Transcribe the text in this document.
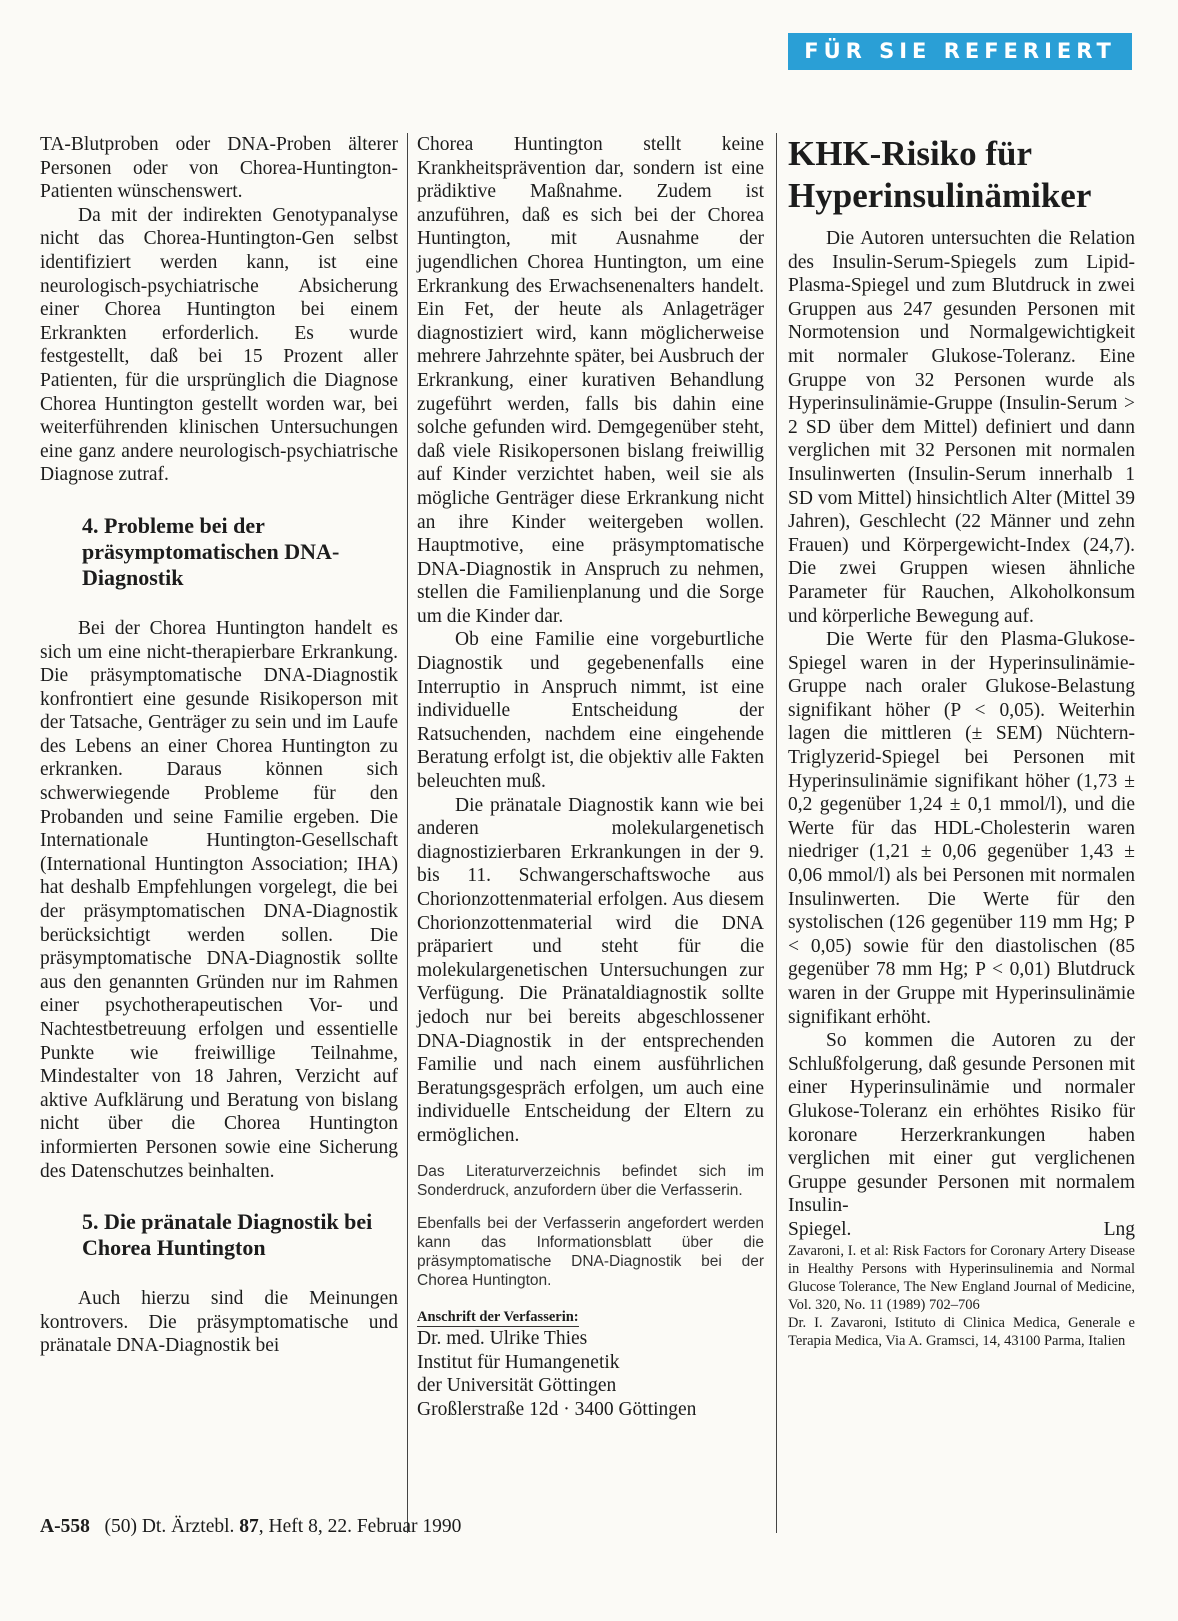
FÜR SIE REFERIERT

TA-Blutproben oder DNA-Proben älterer Personen oder von Chorea-Huntington-Patienten wünschenswert.

Da mit der indirekten Genotypanalyse nicht das Chorea-Huntington-Gen selbst identifiziert werden kann, ist eine neurologisch-psychiatrische Absicherung einer Chorea Huntington bei einem Erkrankten erforderlich. Es wurde festgestellt, daß bei 15 Prozent aller Patienten, für die ursprünglich die Diagnose Chorea Huntington gestellt worden war, bei weiterführenden klinischen Untersuchungen eine ganz andere neurologisch-psychiatrische Diagnose zutraf.

4. Probleme bei der präsymptomatischen DNA-Diagnostik

Bei der Chorea Huntington handelt es sich um eine nicht-therapierbare Erkrankung. Die präsymptomatische DNA-Diagnostik konfrontiert eine gesunde Risikoperson mit der Tatsache, Genträger zu sein und im Laufe des Lebens an einer Chorea Huntington zu erkranken. Daraus können sich schwerwiegende Probleme für den Probanden und seine Familie ergeben. Die Internationale Huntington-Gesellschaft (International Huntington Association; IHA) hat deshalb Empfehlungen vorgelegt, die bei der präsymptomatischen DNA-Diagnostik berücksichtigt werden sollen. Die präsymptomatische DNA-Diagnostik sollte aus den genannten Gründen nur im Rahmen einer psychotherapeutischen Vor- und Nachtestbetreuung erfolgen und essentielle Punkte wie freiwillige Teilnahme, Mindestalter von 18 Jahren, Verzicht auf aktive Aufklärung und Beratung von bislang nicht über die Chorea Huntington informierten Personen sowie eine Sicherung des Datenschutzes beinhalten.

5. Die pränatale Diagnostik bei Chorea Huntington

Auch hierzu sind die Meinungen kontrovers. Die präsymptomatische und pränatale DNA-Diagnostik bei

Chorea Huntington stellt keine Krankheitsprävention dar, sondern ist eine prädiktive Maßnahme. Zudem ist anzuführen, daß es sich bei der Chorea Huntington, mit Ausnahme der jugendlichen Chorea Huntington, um eine Erkrankung des Erwachsenenalters handelt. Ein Fet, der heute als Anlageträger diagnostiziert wird, kann möglicherweise mehrere Jahrzehnte später, bei Ausbruch der Erkrankung, einer kurativen Behandlung zugeführt werden, falls bis dahin eine solche gefunden wird. Demgegenüber steht, daß viele Risikopersonen bislang freiwillig auf Kinder verzichtet haben, weil sie als mögliche Genträger diese Erkrankung nicht an ihre Kinder weitergeben wollen. Hauptmotive, eine präsymptomatische DNA-Diagnostik in Anspruch zu nehmen, stellen die Familienplanung und die Sorge um die Kinder dar.

Ob eine Familie eine vorgeburtliche Diagnostik und gegebenenfalls eine Interruptio in Anspruch nimmt, ist eine individuelle Entscheidung der Ratsuchenden, nachdem eine eingehende Beratung erfolgt ist, die objektiv alle Fakten beleuchten muß.

Die pränatale Diagnostik kann wie bei anderen molekulargenetisch diagnostizierbaren Erkrankungen in der 9. bis 11. Schwangerschaftswoche aus Chorionzottenmaterial erfolgen. Aus diesem Chorionzottenmaterial wird die DNA präpariert und steht für die molekulargenetischen Untersuchungen zur Verfügung. Die Pränataldiagnostik sollte jedoch nur bei bereits abgeschlossener DNA-Diagnostik in der entsprechenden Familie und nach einem ausführlichen Beratungsgespräch erfolgen, um auch eine individuelle Entscheidung der Eltern zu ermöglichen.

Das Literaturverzeichnis befindet sich im Sonderdruck, anzufordern über die Verfasserin.

Ebenfalls bei der Verfasserin angefordert werden kann das Informationsblatt über die präsymptomatische DNA-Diagnostik bei der Chorea Huntington.

Anschrift der Verfasserin:
Dr. med. Ulrike Thies
Institut für Humangenetik
der Universität Göttingen
Großlerstraße 12d · 3400 Göttingen
KHK-Risiko für Hyperinsulinämiker

Die Autoren untersuchten die Relation des Insulin-Serum-Spiegels zum Lipid-Plasma-Spiegel und zum Blutdruck in zwei Gruppen aus 247 gesunden Personen mit Normotension und Normalgewichtigkeit mit normaler Glukose-Toleranz. Eine Gruppe von 32 Personen wurde als Hyperinsulinämie-Gruppe (Insulin-Serum > 2 SD über dem Mittel) definiert und dann verglichen mit 32 Personen mit normalen Insulinwerten (Insulin-Serum innerhalb 1 SD vom Mittel) hinsichtlich Alter (Mittel 39 Jahren), Geschlecht (22 Männer und zehn Frauen) und Körpergewicht-Index (24,7). Die zwei Gruppen wiesen ähnliche Parameter für Rauchen, Alkoholkonsum und körperliche Bewegung auf.

Die Werte für den Plasma-Glukose-Spiegel waren in der Hyperinsulinämie-Gruppe nach oraler Glukose-Belastung signifikant höher (P < 0,05). Weiterhin lagen die mittleren (± SEM) Nüchtern-Triglyzerid-Spiegel bei Personen mit Hyperinsulinämie signifikant höher (1,73 ± 0,2 gegenüber 1,24 ± 0,1 mmol/l), und die Werte für das HDL-Cholesterin waren niedriger (1,21 ± 0,06 gegenüber 1,43 ± 0,06 mmol/l) als bei Personen mit normalen Insulinwerten. Die Werte für den systolischen (126 gegenüber 119 mm Hg; P < 0,05) sowie für den diastolischen (85 gegenüber 78 mm Hg; P < 0,01) Blutdruck waren in der Gruppe mit Hyperinsulinämie signifikant erhöht.

So kommen die Autoren zu der Schlußfolgerung, daß gesunde Personen mit einer Hyperinsulinämie und normaler Glukose-Toleranz ein erhöhtes Risiko für koronare Herzerkrankungen haben verglichen mit einer gut verglichenen Gruppe gesunder Personen mit normalem Insulin-

Spiegel.	Lng

Zavaroni, I. et al: Risk Factors for Coronary Artery Disease in Healthy Persons with Hyperinsulinemia and Normal Glucose Tolerance, The New England Journal of Medicine, Vol. 320, No. 11 (1989) 702–706

Dr. I. Zavaroni, Istituto di Clinica Medica, Generale e Terapia Medica, Via A. Gramsci, 14, 43100 Parma, Italien

A-558 (50) Dt. Ärztebl. 87, Heft 8, 22. Februar 1990
